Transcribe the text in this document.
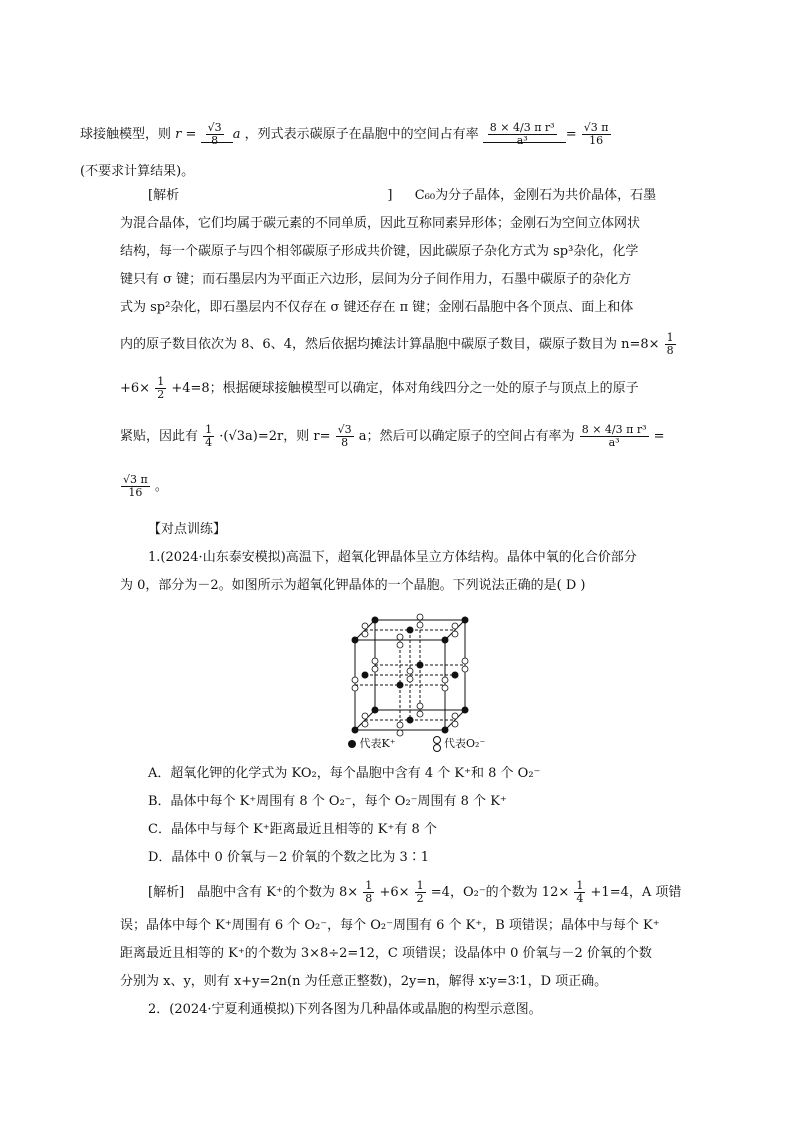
球接触模型，则 $r = \frac{√3}{8}$ a ，列式表示碳原子在晶胞中的空间占有率 $\frac{\text{8 × 4/3 π r³}}{\text{a³}} = \frac{√3 \pi}{16}$
(不要求计算结果)。
[解析	] C₆₀为分子晶体，金刚石为共价晶体，石墨
为混合晶体，它们均属于碳元素的不同单质，因此互称同素异形体；金刚石为空间立体网状
结构，每一个碳原子与四个相邻碳原子形成共价键，因此碳原子杂化方式为 sp³杂化，化学
键只有 σ 键；而石墨层内为平面正六边形，层间为分子间作用力，石墨中碳原子的杂化方
式为 sp²杂化，即石墨层内不仅存在 σ 键还存在 π 键；金刚石晶胞中各个顶点、面上和体
内的原子数目依次为 8、6、4，然后依据均摊法计算晶胞中碳原子数目，碳原子数目为 $n=8\times \frac{1}{8}$
$+6\times \frac{1}{2} +4=8$；根据硬球接触模型可以确定，体对角线四分之一处的原子与顶点上的原子
紧贴，因此有 $\frac{1}{4} \cdot(√3a)=2r$，则 $r= \frac{√3}{8}$ a；然后可以确定原子的空间占有率为 $\frac{\text{8 × 4/3 π r³}}{\text{a³}}$ =
$\frac{√3 \pi}{16}$ 。
【对点训练】
1.(2024·山东泰安模拟)高温下，超氧化钾晶体呈立方体结构。晶体中氧的化合价部分
为 0，部分为－2。如图所示为超氧化钾晶体的一个晶胞。下列说法正确的是( D )
代表K⁺	代表O₂⁻
A．超氧化钾的化学式为 KO₂，每个晶胞中含有 4 个 K⁺和 8 个 O₂⁻
B．晶体中每个 K⁺周围有 8 个 O₂⁻，每个 O₂⁻周围有 8 个 K⁺
C．晶体中与每个 K⁺距离最近且相等的 K⁺有 8 个
D．晶体中 0 价氧与－2 价氧的个数之比为 3∶1
[解析]　晶胞中含有 K⁺的个数为 $8\times \frac{1}{8} +6\times \frac{1}{2} =4$，O₂⁻的个数为 $12\times \frac{1}{4} +1=4$，A 项错
误；晶体中每个 K⁺周围有 6 个 O₂⁻，每个 O₂⁻周围有 6 个 K⁺，B 项错误；晶体中与每个 K⁺
距离最近且相等的 K⁺的个数为 3×8÷2=12，C 项错误；设晶体中 0 价氧与－2 价氧的个数
分别为 x、y，则有 x+y=2n(n 为任意正整数)，2y=n，解得 x∶y=3∶1，D 项正确。
2．(2024·宁夏利通模拟)下列各图为几种晶体或晶胞的构型示意图。
